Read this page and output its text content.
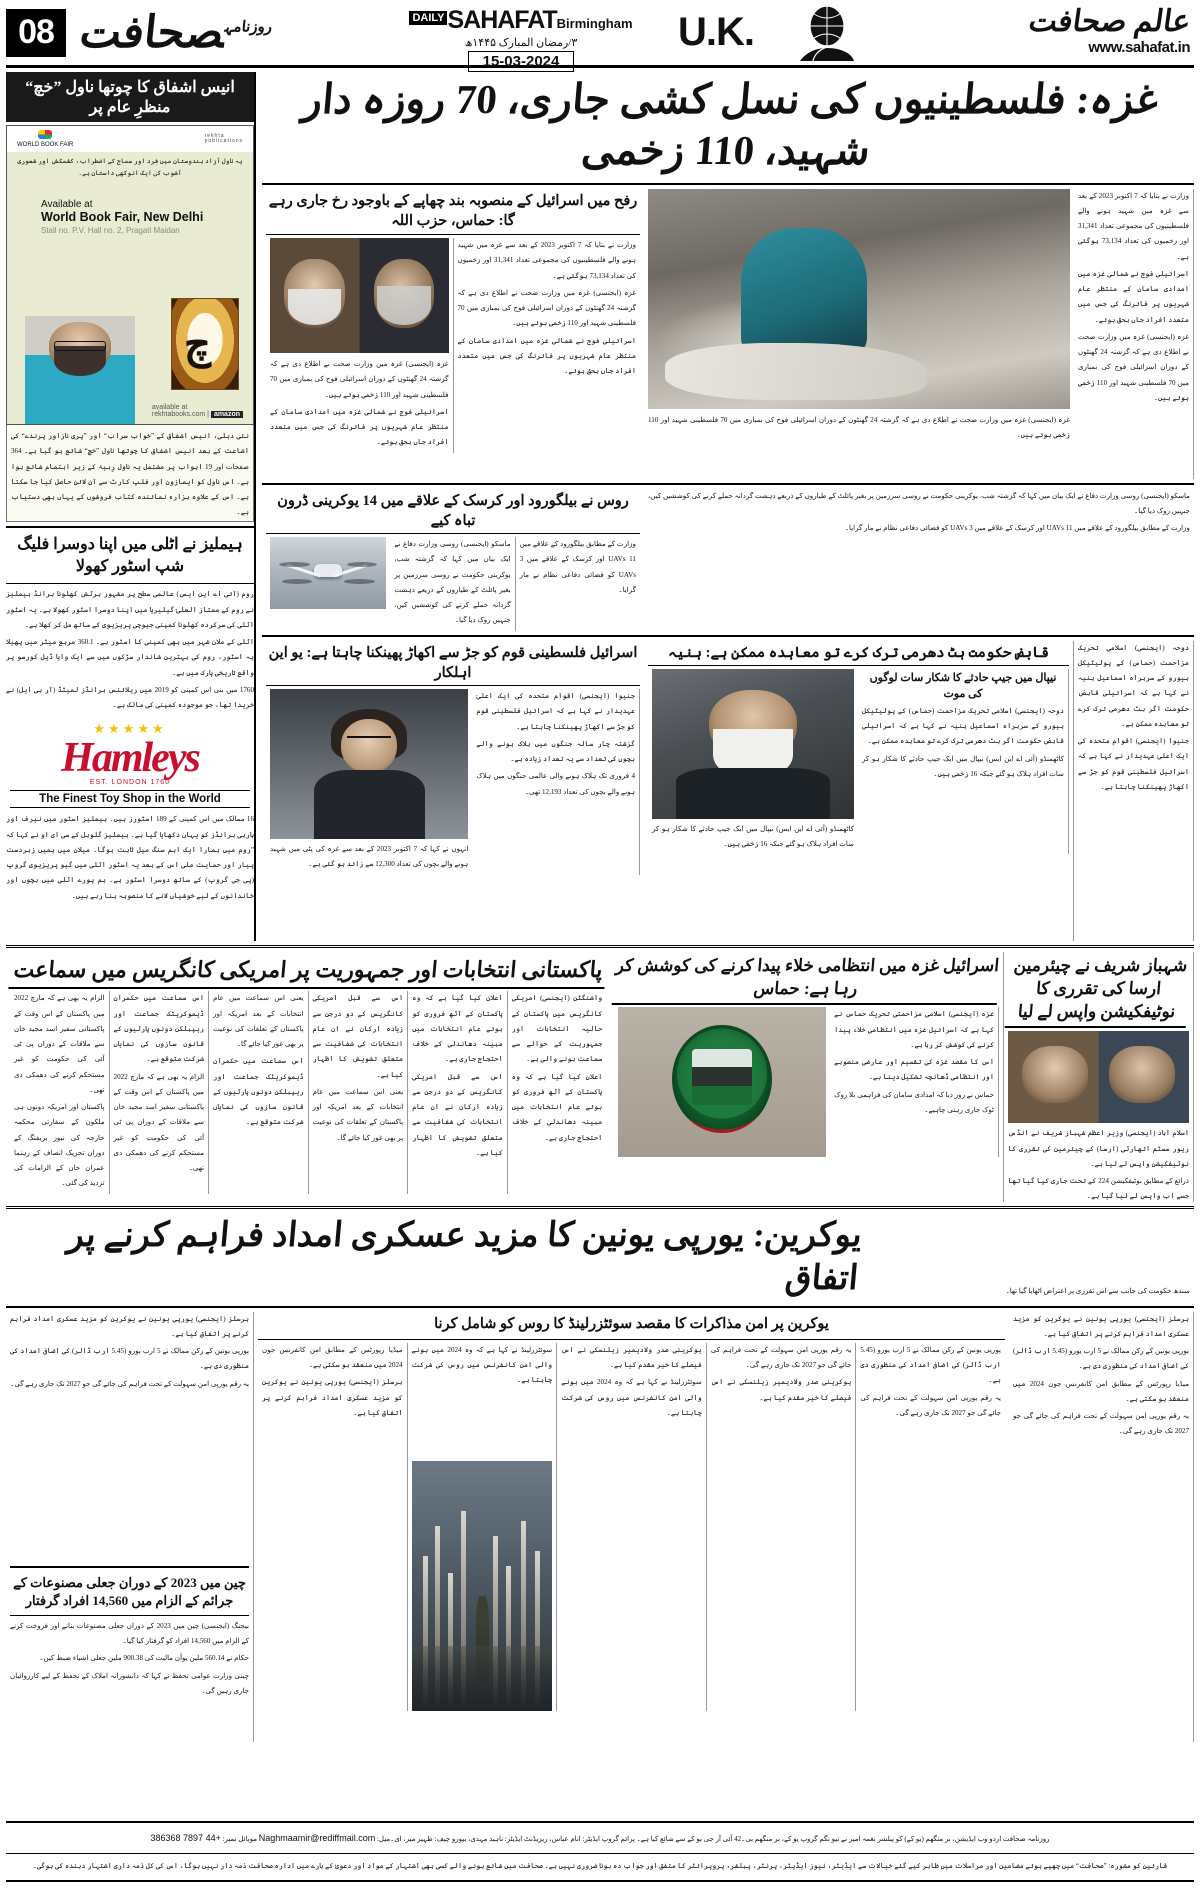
08	$^{روزنامہ}$صحافت	$^{DAILY}$ SAHAFATBirmingham
۳/رمضان المبارک ۱۴۴۵ھ
15-03-2024
U.K.	عالم صحافت
www.sahafat.in
انیس اشفاق کا چوتھا ناول ”خچ“ منظرِ عام پر
WORLD BOOK FAIR
rekhta
publications
یہ ناول آزاد ہندوستان میں فرد اور سماج کے اضطراب، کشمکش اور شعوری آشوب کی ایک انوکھی داستان ہے۔
Available at
World Book Fair, New Delhi
Stall no. P.V. Hall no. 2, Pragati Maidan
چ
available at
rekhtabooks.com | amazon
نئی دہلی، انیس اشفاق کے ”خواب سراب“ اور ”پری نازاور پرندے“ کی اشاعت کے بعد انیس اشفاق کا چوتھا ناول ”خچ“ شائع ہو گیا ہے۔ 364 صفحات اور 19 ابواب پر مشتمل یہ ناول رِبیۃ کے زیر اہتمام شائع ہوا ہے۔ اس ناول کو ایمازون اور فلپ کارٹ سے آن لائن حاصل کیا جا سکتا ہے۔ اس کے علاوہ ہزارہ نمائندہ کتاب فروشوں کے یہاں بھی دستیاب ہے۔
ہیملیز نے اٹلی میں اپنا دوسرا فلیگ شپ اسٹور کھولا

روم (آئی اے این ایس) عالمی سطح پر مشہور برٹش کھلونا برانڈ ہیملیز نے روم کے ممتاز العلیٰ گیلیریا میں اپنا دوسرا اسٹور کھولا ہے۔ یہ اسٹور اٹلی کی سرکردہ کھلونا کمپنی جیوچی پریزیوی کے ساتھ مل کر کھلا ہے۔

اٹلی کے ملان شہر میں بھی کمپنی کا اسٹور ہے۔ 360.1 مربع میٹر میں پھیلا یہ اسٹور، روم کی بہترین شاندار سڑکوں میں سے ایک وایا ڈیل کورسو پر واقع تاریخی پارک میں ہے۔

1760 میں بنی اس کمپنی کو 2019 میں ریلائنس برانڈز لمیٹڈ (آر بی ایل) نے خریدا تھا، جو موجودہ کمپنی کی مالک ہے۔

★★★★★
Hamleys
EST. LONDON 1760
The Finest Toy Shop in the World

16 ممالک میں اس کمپنی کے 189 اسٹورز ہیں۔ ہیملیز اسٹور میں نیرف اور باربی برانڈز کو یہاں دکھایا گیا ہے۔ ہیملیز گلوبل کے سی ای او نے کہا کہ ”روم میں ہمارا ایک اہم سنگ میل ثابت ہوگا۔ میلان میں ہمیں زبردست پیار اور حمایت ملی اس کے بعد یہ اسٹور اٹلی میں گیو پریزیوی گروپ (پی جی گروپ) کے ساتھ دوسرا اسٹور ہے۔ ہم پورے اٹلی میں بچوں اور خاندانوں کے لیے خوشیاں لانے کا منصوبہ بنا رہے ہیں۔

غزہ: فلسطینیوں کی نسل کشی جاری، 70 روزہ دار شہید، 110 زخمی
رفح میں اسرائیل کے منصوبہ بند چھاپے کے باوجود رخ جاری رہے گا: حماس، حزب اللہ

غزہ (ایجنسی) غزہ میں وزارت صحت نے اطلاع دی ہے کہ گزشتہ 24 گھنٹوں کے دوران اسرائیلی فوج کی بمباری میں 70 فلسطینی شہید اور 110 زخمی ہوئے ہیں۔

اسرائیلی فوج نے شمالی غزہ میں امدادی سامان کے منتظر عام شہریوں پر فائرنگ کی جس میں متعدد افراد جاں بحق ہوئے۔

وزارت نے بتایا کہ 7 اکتوبر 2023 کے بعد سے غزہ میں شہید ہونے والے فلسطینیوں کی مجموعی تعداد 31,341 اور زخمیوں کی تعداد 73,134 ہوگئی ہے۔

غزہ (ایجنسی) غزہ میں وزارت صحت نے اطلاع دی ہے کہ گزشتہ 24 گھنٹوں کے دوران اسرائیلی فوج کی بمباری میں 70 فلسطینی شہید اور 110 زخمی ہوئے ہیں۔

اسرائیلی فوج نے شمالی غزہ میں امدادی سامان کے منتظر عام شہریوں پر فائرنگ کی جس میں متعدد افراد جاں بحق ہوئے۔

غزہ (ایجنسی) غزہ میں وزارت صحت نے اطلاع دی ہے کہ گزشتہ 24 گھنٹوں کے دوران اسرائیلی فوج کی بمباری میں 70 فلسطینی شہید اور 110 زخمی ہوئے ہیں۔

وزارت نے بتایا کہ 7 اکتوبر 2023 کے بعد سے غزہ میں شہید ہونے والے فلسطینیوں کی مجموعی تعداد 31,341 اور زخمیوں کی تعداد 73,134 ہوگئی ہے۔

اسرائیلی فوج نے شمالی غزہ میں امدادی سامان کے منتظر عام شہریوں پر فائرنگ کی جس میں متعدد افراد جاں بحق ہوئے۔

غزہ (ایجنسی) غزہ میں وزارت صحت نے اطلاع دی ہے کہ گزشتہ 24 گھنٹوں کے دوران اسرائیلی فوج کی بمباری میں 70 فلسطینی شہید اور 110 زخمی ہوئے ہیں۔

روس نے بیلگورود اور کرسک کے علاقے میں 14 یوکرینی ڈرون تباہ کیے

ماسکو (ایجنسی) روسی وزارت دفاع نے ایک بیان میں کہا کہ گزشتہ شب، یوکرینی حکومت نے روسی سرزمین پر بغیر پائلٹ کے طیاروں کے ذریعے دہشت گردانہ حملے کرنے کی کوششیں کیں، جنہیں روک دیا گیا۔

وزارت کے مطابق بیلگورود کے علاقے میں 11 UAVs اور کرسک کے علاقے میں 3 UAVs کو فضائی دفاعی نظام نے مار گرایا۔

ماسکو (ایجنسی) روسی وزارت دفاع نے ایک بیان میں کہا کہ گزشتہ شب، یوکرینی حکومت نے روسی سرزمین پر بغیر پائلٹ کے طیاروں کے ذریعے دہشت گردانہ حملے کرنے کی کوششیں کیں، جنہیں روک دیا گیا۔

وزارت کے مطابق بیلگورود کے علاقے میں 11 UAVs اور کرسک کے علاقے میں 3 UAVs کو فضائی دفاعی نظام نے مار گرایا۔

اسرائیل فلسطینی قوم کو جڑ سے اکھاڑ پھینکنا چاہتا ہے: یو این اہلکار

انہوں نے کہا کہ 7 اکتوبر 2023 کے بعد سے غزہ کی پٹی میں شہید ہونے والے بچوں کی تعداد 12,300 سے زائد ہو گئی ہے۔

جنیوا (ایجنسی) اقوام متحدہ کی ایک اعلیٰ عہدیدار نے کہا ہے کہ اسرائیل فلسطینی قوم کو جڑ سے اکھاڑ پھینکنا چاہتا ہے۔

گزشتہ چار سالہ جنگوں میں ہلاک ہونے والے بچوں کی تعداد سے یہ تعداد زیادہ ہے۔

4 فروری تک ہلاک ہونے والی عالمی جنگوں میں ہلاک ہونے والے بچوں کی تعداد 12,193 تھی۔

قابض حکومت ہٹ دھرمی ترک کرے تو معاہدہ ممکن ہے: ہنیہ

کاٹھمنڈو (آئی اے این ایس) نیپال میں ایک جیپ حادثے کا شکار ہو کر سات افراد ہلاک ہو گئے جبکہ 16 زخمی ہیں۔

نیپال میں جیپ حادثے کا شکار سات لوگوں کی موت

دوحہ (ایجنسی) اسلامی تحریک مزاحمت (حماس) کے پولیٹیکل بیورو کے سربراہ اسماعیل ہنیہ نے کہا ہے کہ اسرائیلی قابض حکومت اگر ہٹ دھرمی ترک کرے تو معاہدہ ممکن ہے۔

کاٹھمنڈو (آئی اے این ایس) نیپال میں ایک جیپ حادثے کا شکار ہو کر سات افراد ہلاک ہو گئے جبکہ 16 زخمی ہیں۔

دوحہ (ایجنسی) اسلامی تحریک مزاحمت (حماس) کے پولیٹیکل بیورو کے سربراہ اسماعیل ہنیہ نے کہا ہے کہ اسرائیلی قابض حکومت اگر ہٹ دھرمی ترک کرے تو معاہدہ ممکن ہے۔

جنیوا (ایجنسی) اقوام متحدہ کی ایک اعلیٰ عہدیدار نے کہا ہے کہ اسرائیل فلسطینی قوم کو جڑ سے اکھاڑ پھینکنا چاہتا ہے۔

پاکستانی انتخابات اور جمہوریت پر امریکی کانگریس میں سماعت

الزام یہ بھی ہے کہ مارچ 2022 میں پاکستان کے اس وقت کے پاکستانی سفیر اسد مجید خان سے ملاقات کے دوران پی ٹی آئی کی حکومت کو غیر مستحکم کرنے کی دھمکی دی تھی۔

پاکستان اور امریکہ دونوں ہی ملکوں کے سفارتی محکمہ خارجہ کی نیوز بریفنگ کے دوران تحریک انصاف کے رہنما عمران خان کے الزامات کی تردید کی گئی۔

اس سماعت میں حکمران ڈیموکریٹک جماعت اور ریپبلکن دونوں پارٹیوں کے قانون سازوں کی نمایاں شرکت متوقع ہے۔

الزام یہ بھی ہے کہ مارچ 2022 میں پاکستان کے اس وقت کے پاکستانی سفیر اسد مجید خان سے ملاقات کے دوران پی ٹی آئی کی حکومت کو غیر مستحکم کرنے کی دھمکی دی تھی۔

یعنی اس سماعت میں عام انتخابات کے بعد امریکہ اور پاکستان کے تعلقات کی نوعیت پر بھی غور کیا جائے گا۔

اس سماعت میں حکمران ڈیموکریٹک جماعت اور ریپبلکن دونوں پارٹیوں کے قانون سازوں کی نمایاں شرکت متوقع ہے۔

اس سے قبل امریکی کانگریس کے دو درجن سے زیادہ ارکان نے ان عام انتخابات کی شفافیت سے متعلق تشویش کا اظہار کیا ہے۔

یعنی اس سماعت میں عام انتخابات کے بعد امریکہ اور پاکستان کے تعلقات کی نوعیت پر بھی غور کیا جائے گا۔

اعلان کیا گیا ہے کہ وہ پاکستان کے آٹھ فروری کو ہوئے عام انتخابات میں مبینہ دھاندلی کے خلاف احتجاج جاری ہے۔

اس سے قبل امریکی کانگریس کے دو درجن سے زیادہ ارکان نے ان عام انتخابات کی شفافیت سے متعلق تشویش کا اظہار کیا ہے۔

واشنگٹن (ایجنسی) امریکی کانگریس میں پاکستان کے حالیہ انتخابات اور جمہوریت کے حوالے سے سماعت ہونے والی ہے۔

اعلان کیا گیا ہے کہ وہ پاکستان کے آٹھ فروری کو ہوئے عام انتخابات میں مبینہ دھاندلی کے خلاف احتجاج جاری ہے۔

اسرائیل غزہ میں انتظامی خلاء پیدا کرنے کی کوشش کر رہا ہے: حماس

غزہ (ایجنسی) اسلامی مزاحمتی تحریک حماس نے کہا ہے کہ اسرائیل غزہ میں انتظامی خلاء پیدا کرنے کی کوشش کر رہا ہے۔

اس کا مقصد غزہ کی تقسیم اور عارضی منصوبے اور انتظامی ڈھانچہ تشکیل دینا ہے۔

حماس نے زور دیا کہ امدادی سامان کی فراہمی بلا روک ٹوک جاری رہنی چاہیے۔

شہباز شریف نے چیئرمین ارسا کی تقرری کا نوٹیفکیشن واپس لے لیا

اسلام آباد (ایجنسی) وزیر اعظم شہباز شریف نے انڈس ریور سسٹم اتھارٹی (ارسا) کے چیئرمین کی تقرری کا نوٹیفکیشن واپس لے لیا ہے۔

ذرائع کے مطابق نوٹیفکیشن 224 کے تحت جاری کیا گیا تھا جسے اب واپس لے لیا گیا ہے۔

یوکرین: یورپی یونین کا مزید عسکری امداد فراہم کرنے پر اتفاق	سندھ حکومت کی جانب سے اس تقرری پر اعتراض اٹھایا گیا تھا۔

برسلز (ایجنسی) یورپی یونین نے یوکرین کو مزید عسکری امداد فراہم کرنے پر اتفاق کیا ہے۔

یورپی یونین کے رکن ممالک نے 5 ارب یورو (5.45 ارب ڈالر) کی اضافی امداد کی منظوری دی ہے۔

یہ رقم یورپی امن سہولت کے تحت فراہم کی جائے گی جو 2027 تک جاری رہے گی۔

چین میں 2023 کے دوران جعلی مصنوعات کے جرائم کے الزام میں 14,560 افراد گرفتار

بیجنگ (ایجنسی) چین میں 2023 کے دوران جعلی مصنوعات بنانے اور فروخت کرنے کے الزام میں 14,560 افراد کو گرفتار کیا گیا۔

حکام نے 560.14 ملین یوآن مالیت کی 900.38 ملین جعلی اشیاء ضبط کیں۔

چینی وزارت عوامی تحفظ نے کہا کہ دانشورانہ املاک کے تحفظ کے لیے کارروائیاں جاری رہیں گی۔

یوکرین پر امن مذاکرات کا مقصد سوئٹزرلینڈ کا روس کو شامل کرنا

میڈیا رپورٹس کے مطابق امن کانفرنس جون 2024 میں منعقد ہو سکتی ہے۔

برسلز (ایجنسی) یورپی یونین نے یوکرین کو مزید عسکری امداد فراہم کرنے پر اتفاق کیا ہے۔

سوئٹزرلینڈ نے کہا ہے کہ وہ 2024 میں ہونے والی امن کانفرنس میں روس کی شرکت چاہتا ہے۔

یوکرینی صدر ولادیمیر زیلنسکی نے اس فیصلے کا خیر مقدم کیا ہے۔

سوئٹزرلینڈ نے کہا ہے کہ وہ 2024 میں ہونے والی امن کانفرنس میں روس کی شرکت چاہتا ہے۔

یہ رقم یورپی امن سہولت کے تحت فراہم کی جائے گی جو 2027 تک جاری رہے گی۔

یوکرینی صدر ولادیمیر زیلنسکی نے اس فیصلے کا خیر مقدم کیا ہے۔

یورپی یونین کے رکن ممالک نے 5 ارب یورو (5.45 ارب ڈالر) کی اضافی امداد کی منظوری دی ہے۔

یہ رقم یورپی امن سہولت کے تحت فراہم کی جائے گی جو 2027 تک جاری رہے گی۔

برسلز (ایجنسی) یورپی یونین نے یوکرین کو مزید عسکری امداد فراہم کرنے پر اتفاق کیا ہے۔

یورپی یونین کے رکن ممالک نے 5 ارب یورو (5.45 ارب ڈالر) کی اضافی امداد کی منظوری دی ہے۔

میڈیا رپورٹس کے مطابق امن کانفرنس جون 2024 میں منعقد ہو سکتی ہے۔

یہ رقم یورپی امن سہولت کے تحت فراہم کی جائے گی جو 2027 تک جاری رہے گی۔

روزنامہ صحافت اردو وب ایڈیشن، بر منگھم (یو کے) کو پبلشر نغمہ امیر نے نیو نگم گروپ یو کے، بر منگھم بی۔42 آئی آر جی یو کے سے شائع کیا ہے۔ پرائم گروپ ایڈیٹر: انام عباس، ریزیڈنٹ ایڈیٹر: ناہید مہدی، بیورو چیف: ظہیر میر، ای۔میل: Naghmaamir@rediffmail.com موبائل نمبر: +44 7897 386368
قارئین کو مشورہ: ”صحافت“ میں چھپے ہوئے مضامین اور مراسلات میں ظاہر کیے گئے خیالات سے ایڈیٹر، نیوز ایڈیٹر، پرنٹر، پبلشر، پروپرائٹر کا متفق اور جواب دہ ہونا ضروری نہیں ہے۔ صحافت میں شائع ہونے والے کسی بھی اشتہار کے مواد اور دعویٰ کے بارے میں ادارہ صحافت ذمہ دار نہیں ہوگا، اس کی کل ذمہ داری اشتہار دہندہ کی ہوگی۔
